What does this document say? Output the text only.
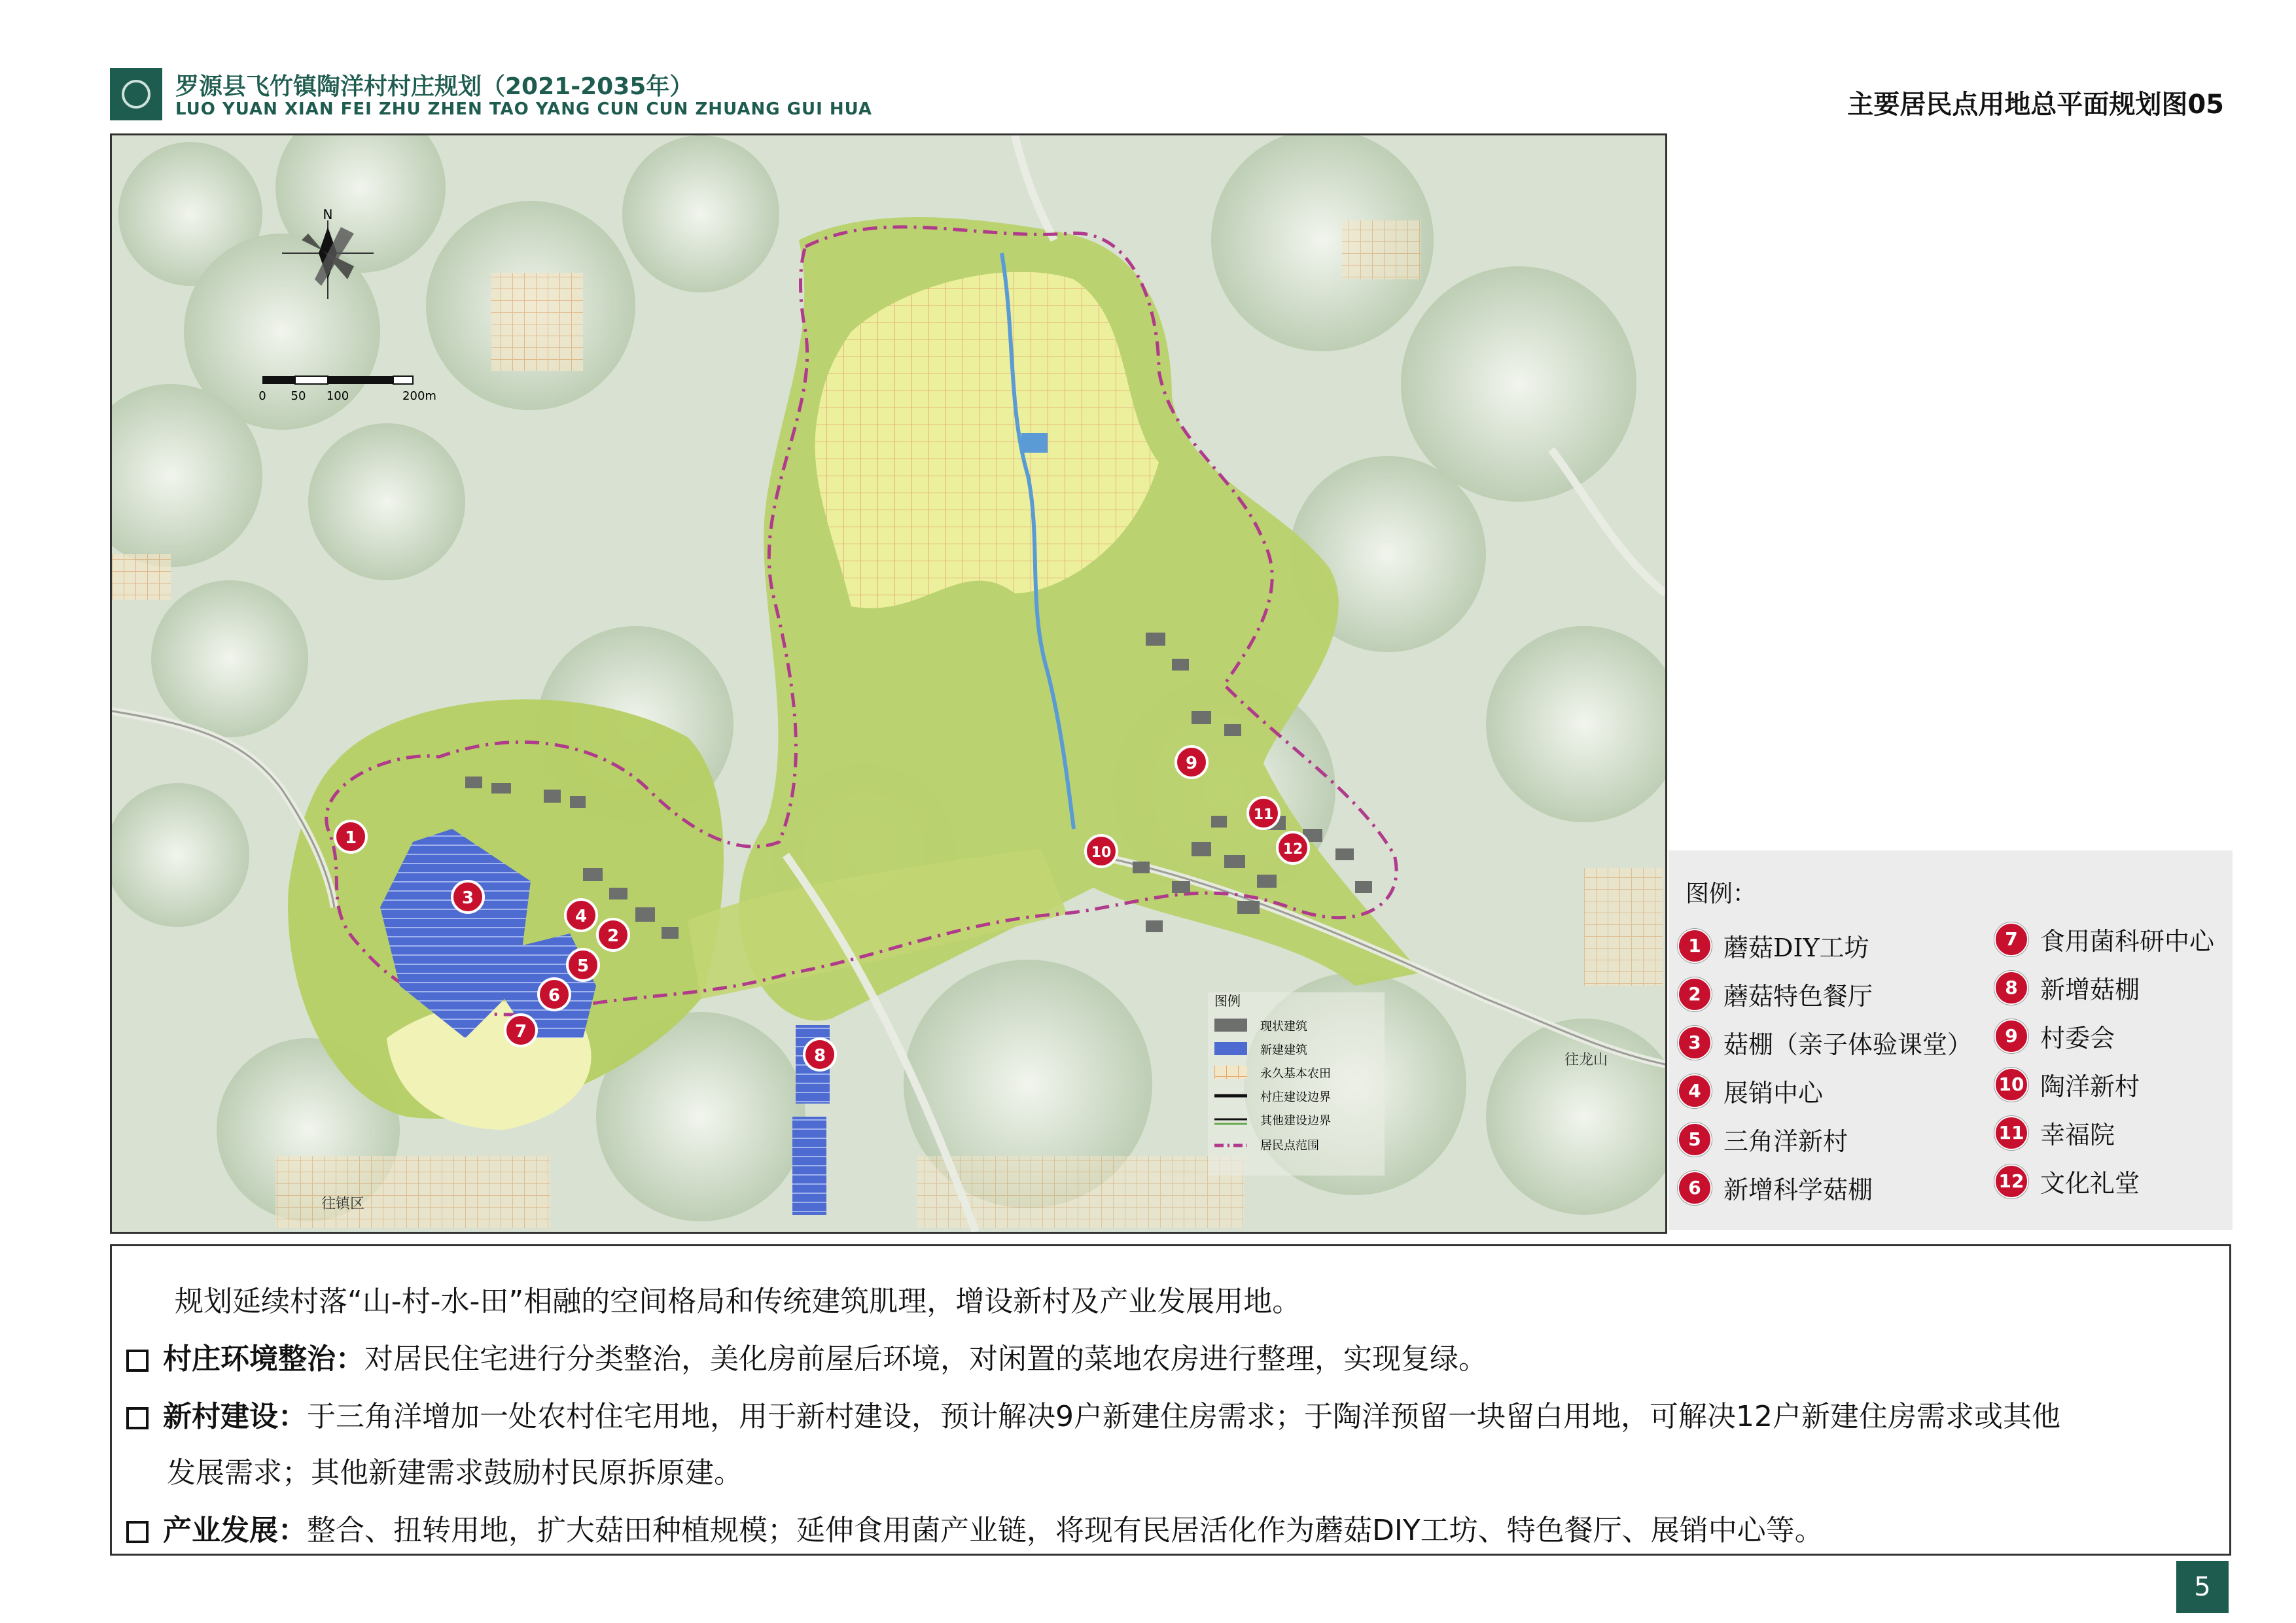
罗源县飞竹镇陶洋村村庄规划（2021-2035年）
LUO YUAN XIAN FEI ZHU ZHEN TAO YANG CUN CUN ZHUANG GUI HUA	主要居民点用地总平面规划图05
N
0 50 100	200m
往镇区
往龙山
图例
现状建筑
新建建筑
永久基本农田
村庄建设边界
其他建设边界
居民点范围
1
2
3
4
5
6
7
8
9
10
11
12
图例：
1 蘑菇DIY工坊
2 蘑菇特色餐厅
3 菇棚（亲子体验课堂）
4 展销中心
5 三角洋新村
6 新增科学菇棚
7 食用菌科研中心
8 新增菇棚
9 村委会
10 陶洋新村
11 幸福院
12 文化礼堂
规划延续村落“山-村-水-田”相融的空间格局和传统建筑肌理，增设新村及产业发展用地。
村庄环境整治：对居民住宅进行分类整治，美化房前屋后环境，对闲置的菜地农房进行整理，实现复绿。
新村建设：于三角洋增加一处农村住宅用地，用于新村建设，预计解决9户新建住房需求；于陶洋预留一块留白用地，可解决12户新建住房需求或其他
发展需求；其他新建需求鼓励村民原拆原建。
产业发展：整合、扭转用地，扩大菇田种植规模；延伸食用菌产业链，将现有民居活化作为蘑菇DIY工坊、特色餐厅、展销中心等。
5
